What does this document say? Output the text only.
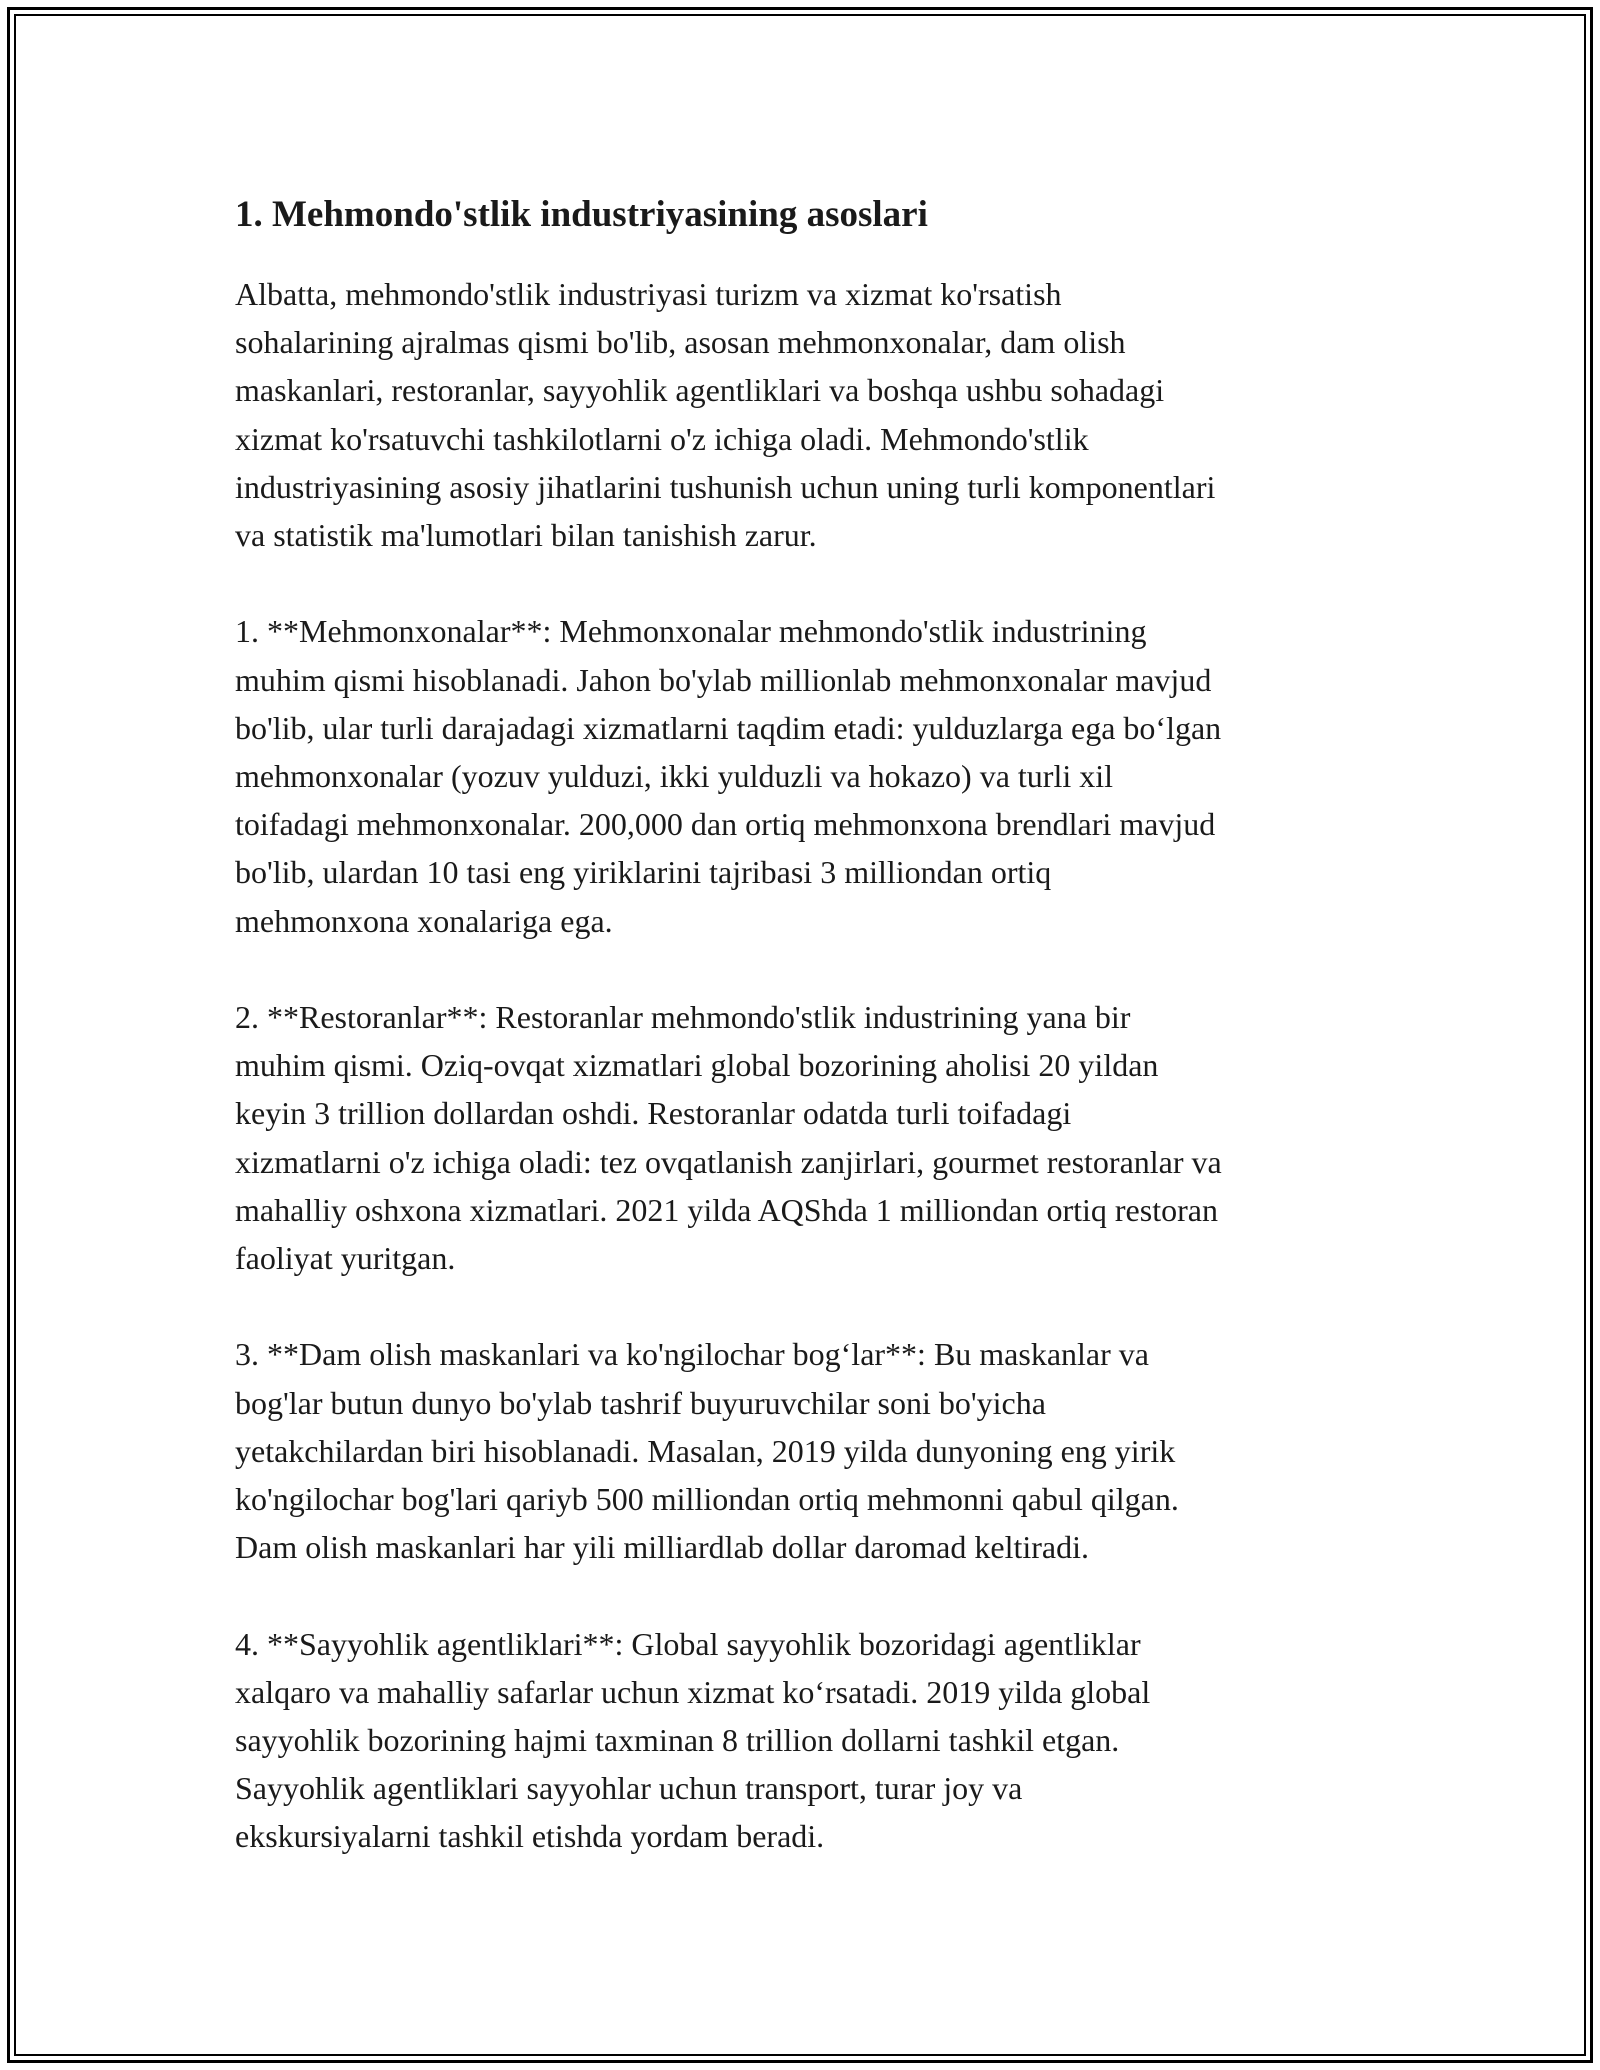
1. Mehmondo'stlik industriyasining asoslari

Albatta, mehmondo'stlik industriyasi turizm va xizmat ko'rsatish
sohalarining ajralmas qismi bo'lib, asosan mehmonxonalar, dam olish
maskanlari, restoranlar, sayyohlik agentliklari va boshqa ushbu sohadagi
xizmat ko'rsatuvchi tashkilotlarni o'z ichiga oladi. Mehmondo'stlik
industriyasining asosiy jihatlarini tushunish uchun uning turli komponentlari
va statistik ma'lumotlari bilan tanishish zarur.

1. **Mehmonxonalar**: Mehmonxonalar mehmondo'stlik industrining
muhim qismi hisoblanadi. Jahon bo'ylab millionlab mehmonxonalar mavjud
bo'lib, ular turli darajadagi xizmatlarni taqdim etadi: yulduzlarga ega bo‘lgan
mehmonxonalar (yozuv yulduzi, ikki yulduzli va hokazo) va turli xil
toifadagi mehmonxonalar. 200,000 dan ortiq mehmonxona brendlari mavjud
bo'lib, ulardan 10 tasi eng yiriklarini tajribasi 3 milliondan ortiq
mehmonxona xonalariga ega.

2. **Restoranlar**: Restoranlar mehmondo'stlik industrining yana bir
muhim qismi. Oziq-ovqat xizmatlari global bozorining aholisi 20 yildan
keyin 3 trillion dollardan oshdi. Restoranlar odatda turli toifadagi
xizmatlarni o'z ichiga oladi: tez ovqatlanish zanjirlari, gourmet restoranlar va
mahalliy oshxona xizmatlari. 2021 yilda AQShda 1 milliondan ortiq restoran
faoliyat yuritgan.

3. **Dam olish maskanlari va ko'ngilochar bog‘lar**: Bu maskanlar va
bog'lar butun dunyo bo'ylab tashrif buyuruvchilar soni bo'yicha
yetakchilardan biri hisoblanadi. Masalan, 2019 yilda dunyoning eng yirik
ko'ngilochar bog'lari qariyb 500 milliondan ortiq mehmonni qabul qilgan.
Dam olish maskanlari har yili milliardlab dollar daromad keltiradi.

4. **Sayyohlik agentliklari**: Global sayyohlik bozoridagi agentliklar
xalqaro va mahalliy safarlar uchun xizmat ko‘rsatadi. 2019 yilda global
sayyohlik bozorining hajmi taxminan 8 trillion dollarni tashkil etgan.
Sayyohlik agentliklari sayyohlar uchun transport, turar joy va
ekskursiyalarni tashkil etishda yordam beradi.
